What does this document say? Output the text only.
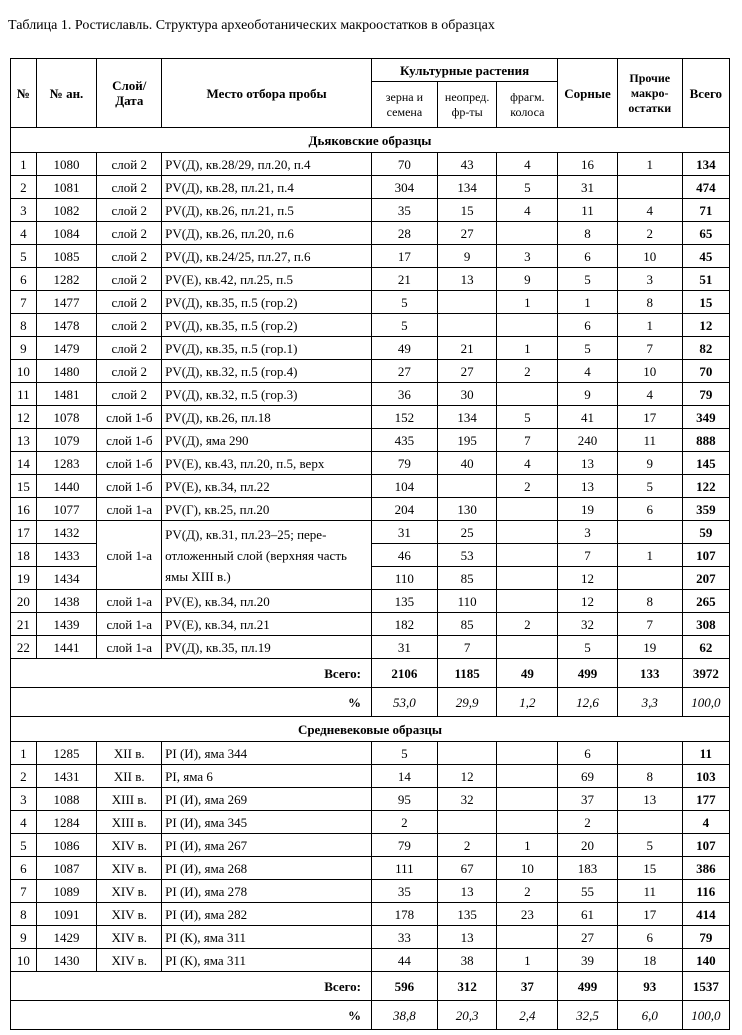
Таблица 1. Ростиславль. Структура археоботанических макроостатков в образцах
№	№ ан.	Слой/ Дата	Место отбора пробы	Культурные растения			Сорные	Прочие макро-остатки	Всего
				зерна и семена	неопред. фр-ты	фрагм. колоса			
Дьяковские образцы									
1	1080	слой 2	PV(Д), кв.28/29, пл.20, п.4	70	43	4	16	1	134
2	1081	слой 2	PV(Д), кв.28, пл.21, п.4	304	134	5	31		474
3	1082	слой 2	PV(Д), кв.26, пл.21, п.5	35	15	4	11	4	71
4	1084	слой 2	PV(Д), кв.26, пл.20, п.6	28	27		8	2	65
5	1085	слой 2	PV(Д), кв.24/25, пл.27, п.6	17	9	3	6	10	45
6	1282	слой 2	PV(Е), кв.42, пл.25, п.5	21	13	9	5	3	51
7	1477	слой 2	PV(Д), кв.35, п.5 (гор.2)	5		1	1	8	15
8	1478	слой 2	PV(Д), кв.35, п.5 (гор.2)	5			6	1	12
9	1479	слой 2	PV(Д), кв.35, п.5 (гор.1)	49	21	1	5	7	82
10	1480	слой 2	PV(Д), кв.32, п.5 (гор.4)	27	27	2	4	10	70
11	1481	слой 2	PV(Д), кв.32, п.5 (гор.3)	36	30		9	4	79
12	1078	слой 1-б	PV(Д), кв.26, пл.18	152	134	5	41	17	349
13	1079	слой 1-б	PV(Д), яма 290	435	195	7	240	11	888
14	1283	слой 1-б	PV(Е), кв.43, пл.20, п.5, верх	79	40	4	13	9	145
15	1440	слой 1-б	PV(Е), кв.34, пл.22	104		2	13	5	122
16	1077	слой 1-а	PV(Г), кв.25, пл.20	204	130		19	6	359
17	1432	слой 1-а	PV(Д), кв.31, пл.23–25; пере-отложенный слой (верхняя часть ямы XIII в.)	31	25		3		59
18	1433			46	53		7	1	107
19	1434			110	85		12		207
20	1438	слой 1-а	PV(Е), кв.34, пл.20	135	110		12	8	265
21	1439	слой 1-а	PV(Е), кв.34, пл.21	182	85	2	32	7	308
22	1441	слой 1-а	PV(Д), кв.35, пл.19	31	7		5	19	62
Всего:				2106	1185	49	499	133	3972
%				53,0	29,9	1,2	12,6	3,3	100,0
Средневековые образцы									
1	1285	XII в.	PI (И), яма 344	5			6		11
2	1431	XII в.	PI, яма 6	14	12		69	8	103
3	1088	XIII в.	PI (И), яма 269	95	32		37	13	177
4	1284	XIII в.	PI (И), яма 345	2			2		4
5	1086	XIV в.	PI (И), яма 267	79	2	1	20	5	107
6	1087	XIV в.	PI (И), яма 268	111	67	10	183	15	386
7	1089	XIV в.	PI (И), яма 278	35	13	2	55	11	116
8	1091	XIV в.	PI (И), яма 282	178	135	23	61	17	414
9	1429	XIV в.	PI (К), яма 311	33	13		27	6	79
10	1430	XIV в.	PI (К), яма 311	44	38	1	39	18	140
Всего:				596	312	37	499	93	1537
%				38,8	20,3	2,4	32,5	6,0	100,0
